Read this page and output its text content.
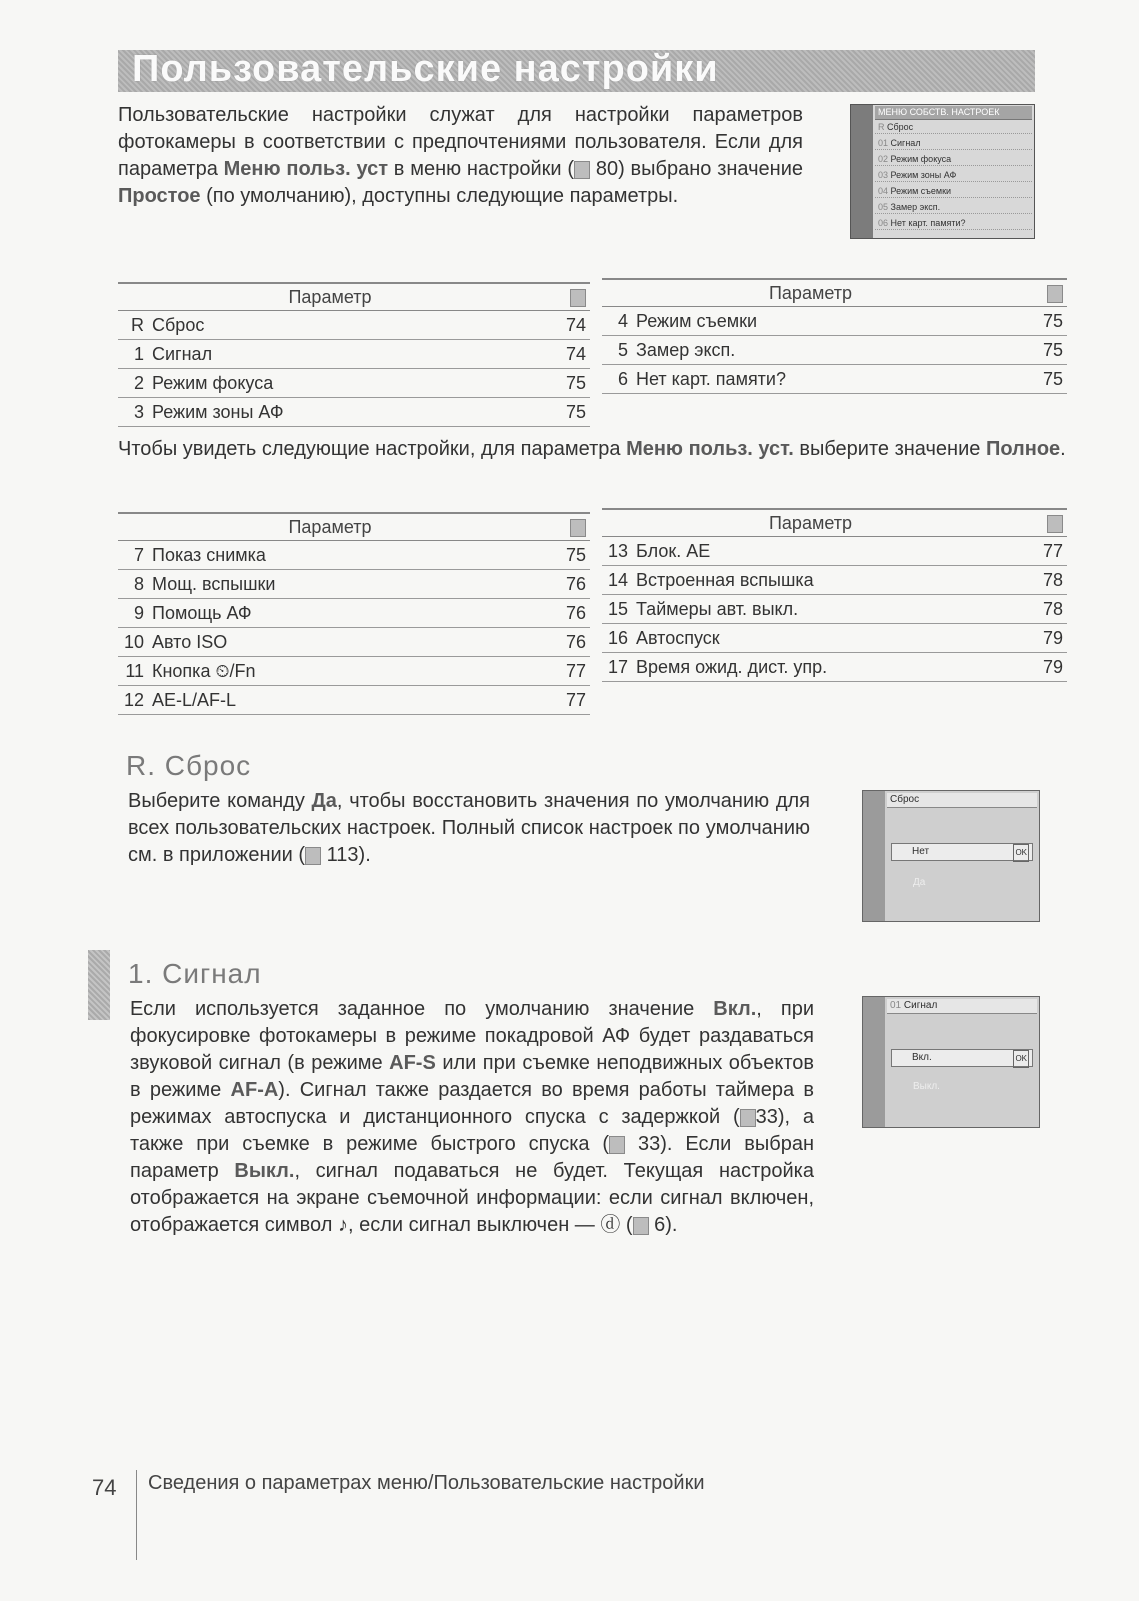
Пользовательские настройки
Пользовательские настройки служат для настройки параметров фотокамеры в соответствии с предпочтениями пользователя. Если для параметра Меню польз. уст в меню настройки ( 80) выбрано значение Простое (по умолчанию), доступны следующие параметры.
МЕНЮ СОБСТВ. НАСТРОЕК
R Сброс
01 Сигнал
02 Режим фокуса
03 Режим зоны АФ
04 Режим съемки
05 Замер эксп.
06 Нет карт. памяти?
Параметр		
R	Сброс	74
1	Сигнал	74
2	Режим фокуса	75
3	Режим зоны АФ	75
Параметр		
4	Режим съемки	75
5	Замер эксп.	75
6	Нет карт. памяти?	75
Чтобы увидеть следующие настройки, для параметра Меню польз. уст. выберите значение Полное.
Параметр		
7	Показ снимка	75
8	Мощ. вспышки	76
9	Помощь АФ	76
10	Авто ISO	76
11	Кнопка ⏲/Fn	77
12	AE-L/AF-L	77
Параметр		
13	Блок. АЕ	77
14	Встроенная вспышка	78
15	Таймеры авт. выкл.	78
16	Автоспуск	79
17	Время ожид. дист. упр.	79
R. Сброс
Выберите команду Да, чтобы восстановить значения по умолчанию для всех пользовательских настроек. Полный список настроек по умолчанию см. в приложении ( 113).
Сброс
Нет	OK
Да
1. Сигнал
Если используется заданное по умолчанию значение Вкл., при фокусировке фотокамеры в режиме покадровой АФ будет раздаваться звуковой сигнал (в режиме AF-S или при съемке неподвижных объектов в режиме AF-A). Сигнал также раздается во время работы таймера в режимах автоспуска и дистанционного спуска с задержкой ( 33), а также при съемке в режиме быстрого спуска ( 33). Если выбран параметр Выкл., сигнал подаваться не будет. Текущая настройка отображается на экране съемочной информации: если сигнал включен, отображается символ ♪, если сигнал выключен — ⓓ ( 6).
01 Сигнал
Вкл.	OK
Выкл.
74 Сведения о параметрах меню/Пользовательские настройки
